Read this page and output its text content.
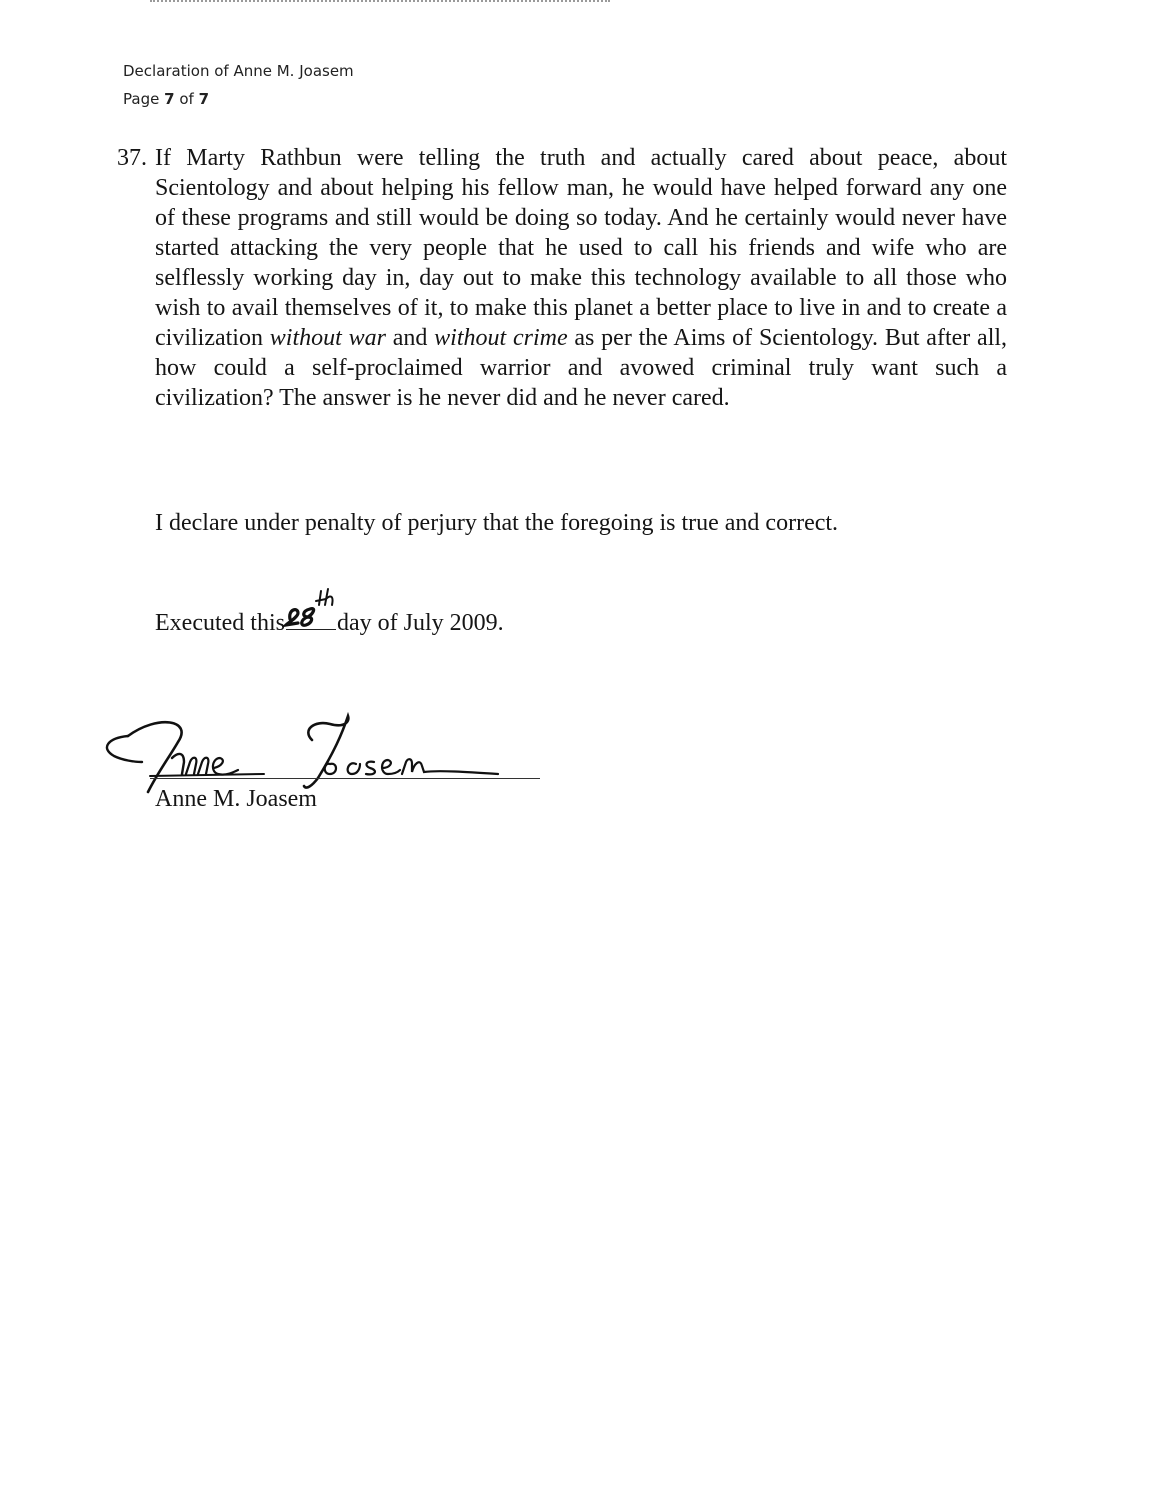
Declaration of Anne M. Joasem
Page 7 of 7
37. If Marty Rathbun were telling the truth and actually cared about peace, about Scientology and about helping his fellow man, he would have helped forward any one of these programs and still would be doing so today. And he certainly would never have started attacking the very people that he used to call his friends and wife who are selflessly working day in, day out to make this technology available to all those who wish to avail themselves of it, to make this planet a better place to live in and to create a civilization without war and without crime as per the Aims of Scientology. But after all, how could a self-proclaimed warrior and avowed criminal truly want such a civilization? The answer is he never did and he never cared.
I declare under penalty of perjury that the foregoing is true and correct.
Executed this day of July 2009.
Anne M. Joasem
